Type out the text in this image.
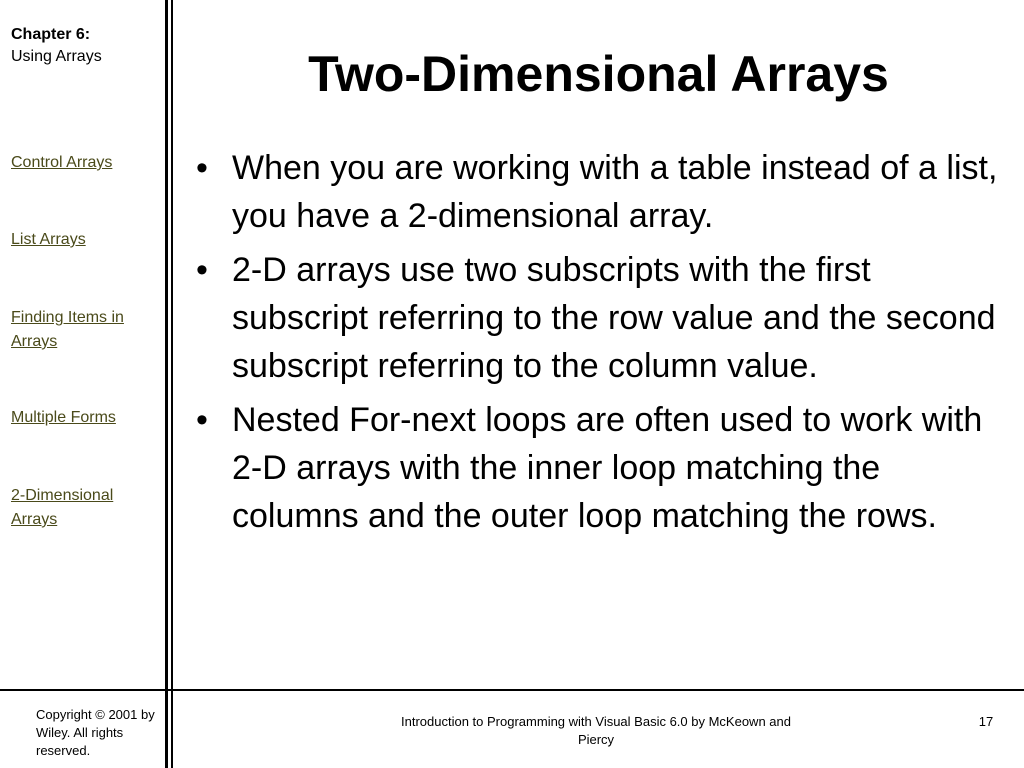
Chapter 6:
Using Arrays
Control Arrays
List Arrays
Finding Items in Arrays
Multiple Forms
2-Dimensional Arrays
Two-Dimensional Arrays
• When you are working with a table instead of a list, you have a 2-dimensional array.
• 2-D arrays use two subscripts with the first subscript referring to the row value and the second subscript referring to the column value.
• Nested For-next loops are often used to work with 2-D arrays with the inner loop matching the columns and the outer loop matching the rows.
Copyright © 2001 by Wiley. All rights reserved.
Introduction to Programming with Visual Basic 6.0 by McKeown and Piercy
17
